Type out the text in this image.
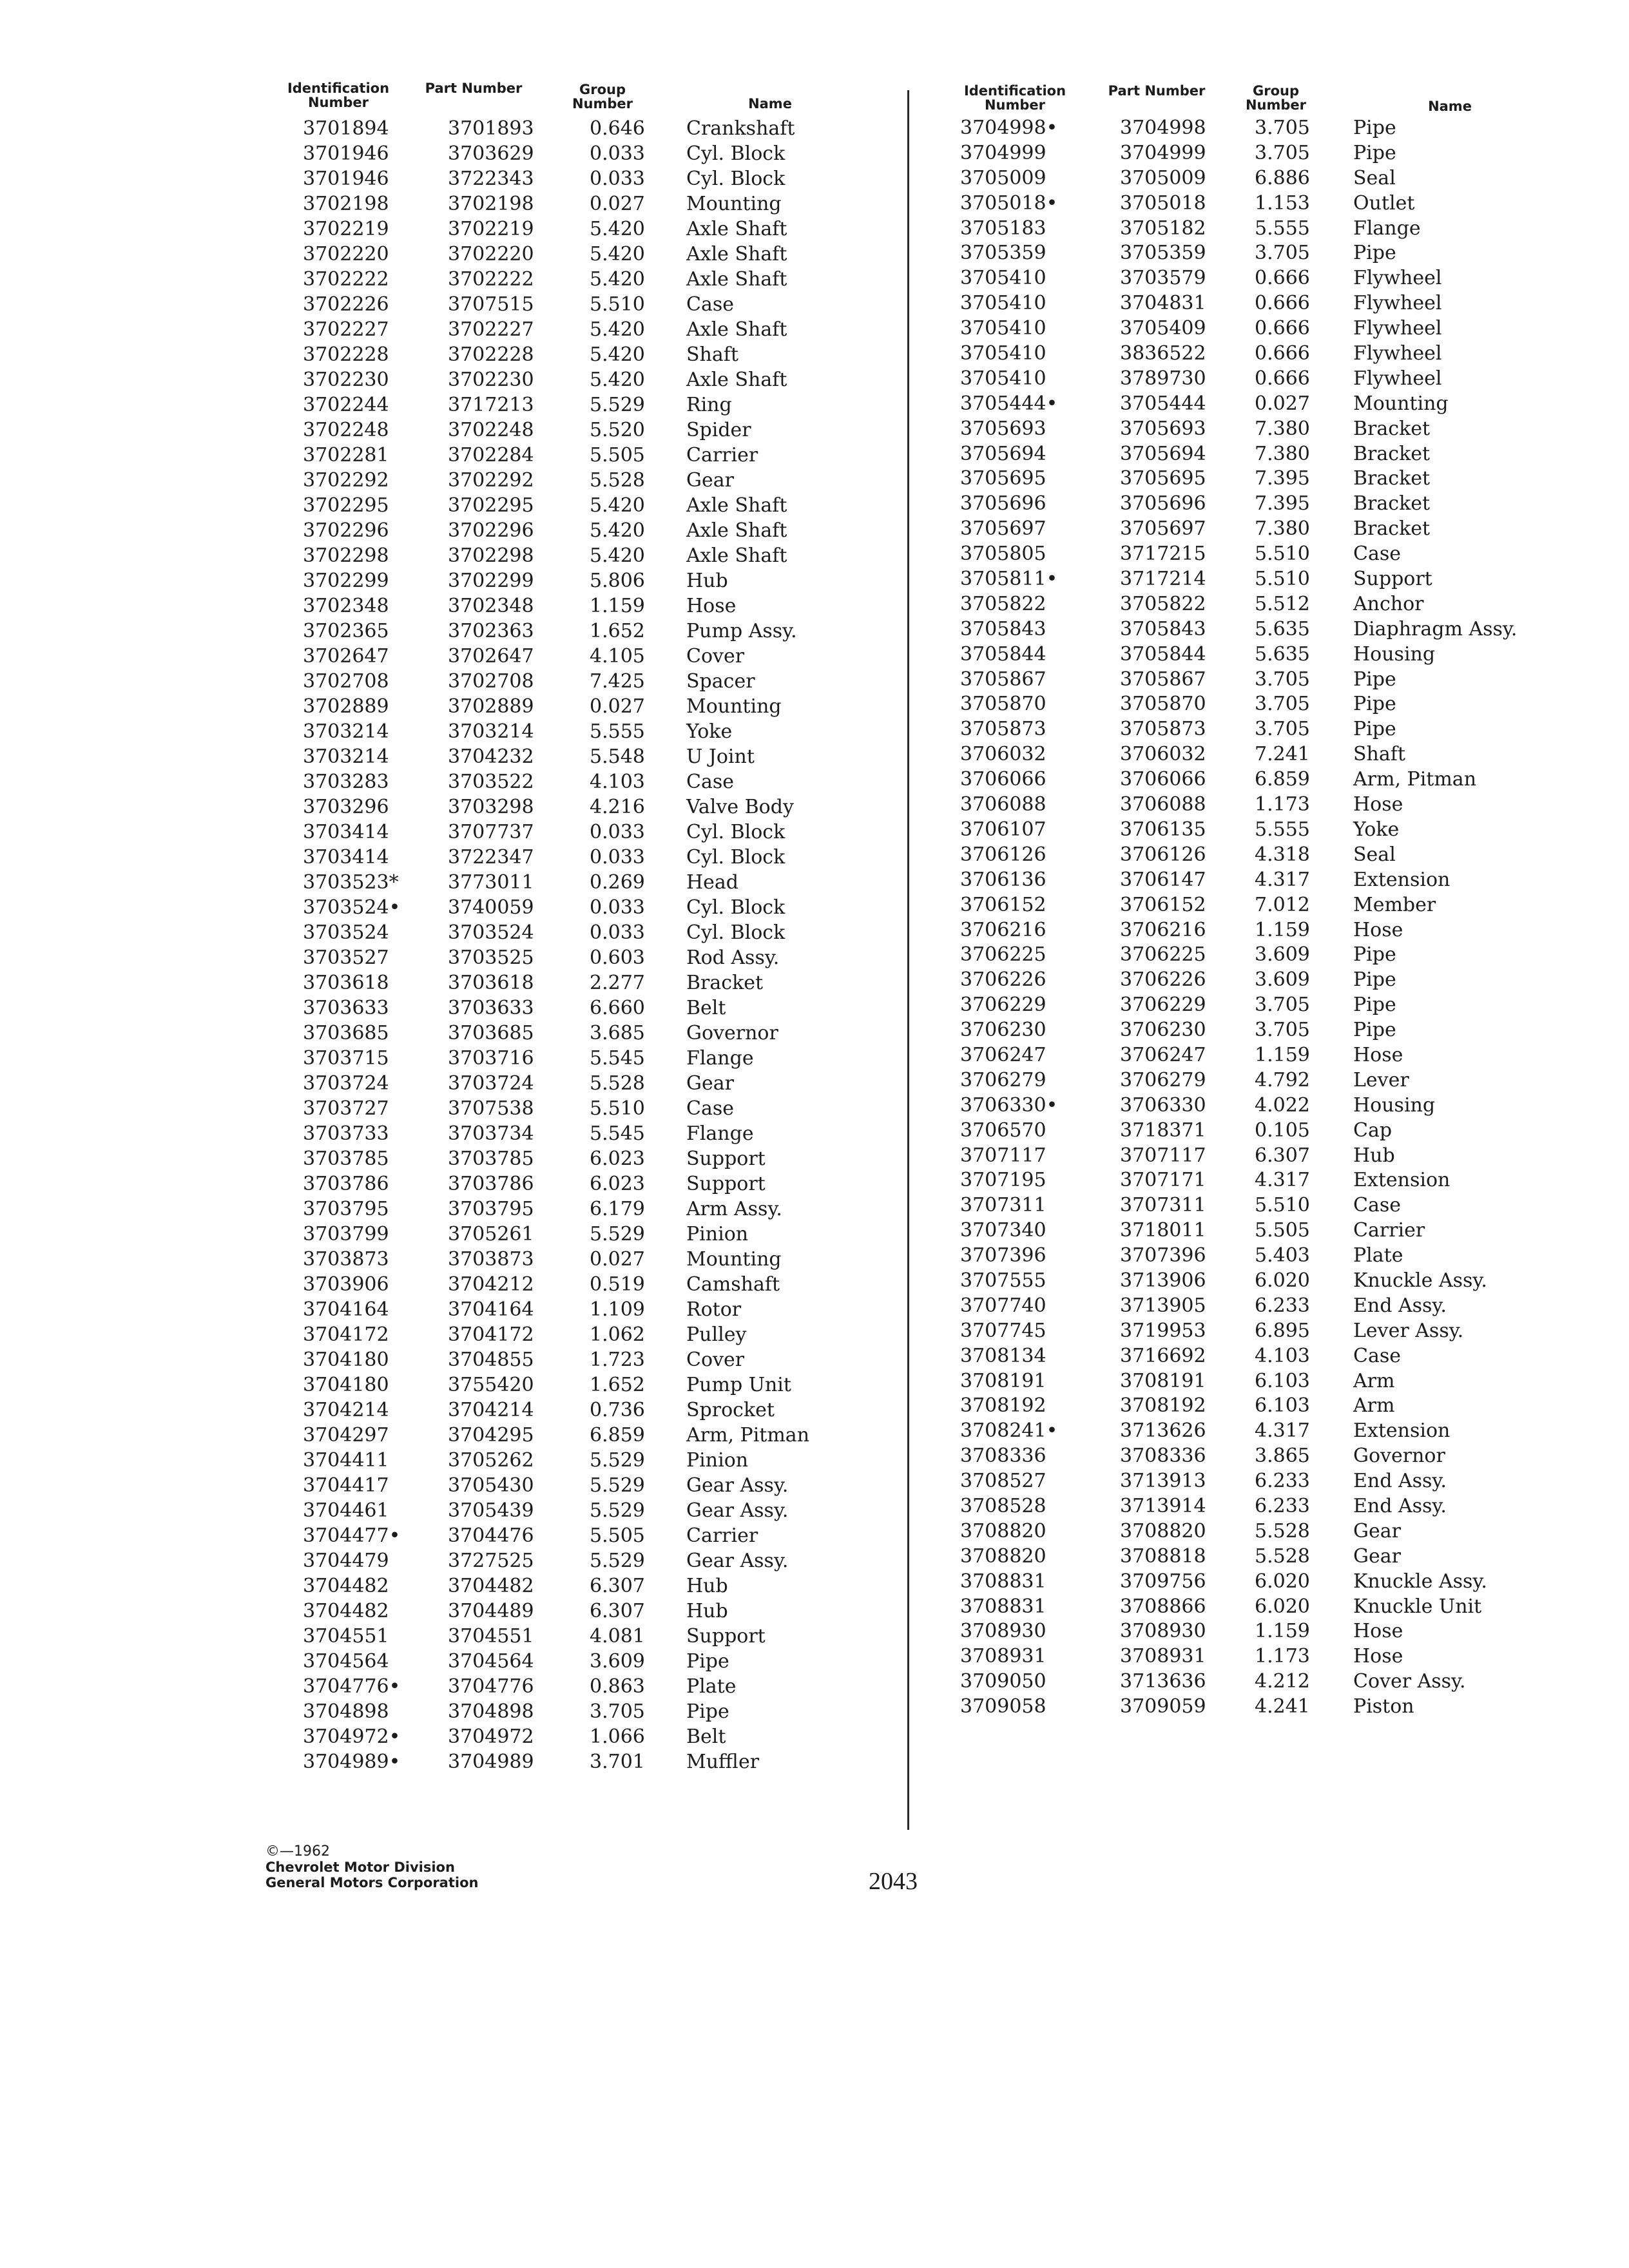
Identification Number
Part Number	Group Number	Name
3701894	3701893	0.646 Crankshaft
3701946	3703629	0.033 Cyl. Block
3701946	3722343	0.033 Cyl. Block
3702198	3702198	0.027 Mounting
3702219	3702219	5.420 Axle Shaft
3702220	3702220	5.420 Axle Shaft
3702222	3702222	5.420 Axle Shaft
3702226	3707515	5.510 Case
3702227	3702227	5.420 Axle Shaft
3702228	3702228	5.420 Shaft
3702230	3702230	5.420 Axle Shaft
3702244	3717213	5.529 Ring
3702248	3702248	5.520 Spider
3702281	3702284	5.505 Carrier
3702292	3702292	5.528 Gear
3702295	3702295	5.420 Axle Shaft
3702296	3702296	5.420 Axle Shaft
3702298	3702298	5.420 Axle Shaft
3702299	3702299	5.806 Hub
3702348	3702348	1.159 Hose
3702365	3702363	1.652 Pump Assy.
3702647	3702647	4.105 Cover
3702708	3702708	7.425 Spacer
3702889	3702889	0.027 Mounting
3703214	3703214	5.555 Yoke
3703214	3704232	5.548 U Joint
3703283	3703522	4.103 Case
3703296	3703298	4.216 Valve Body
3703414	3707737	0.033 Cyl. Block
3703414	3722347	0.033 Cyl. Block
3703523*	3773011	0.269 Head
3703524• 3740059	0.033 Cyl. Block
3703524	3703524	0.033 Cyl. Block
3703527	3703525	0.603 Rod Assy.
3703618	3703618	2.277 Bracket
3703633	3703633	6.660 Belt
3703685	3703685	3.685 Governor
3703715	3703716	5.545 Flange
3703724	3703724	5.528 Gear
3703727	3707538	5.510 Case
3703733	3703734	5.545 Flange
3703785	3703785	6.023 Support
3703786	3703786	6.023 Support
3703795	3703795	6.179 Arm Assy.
3703799	3705261	5.529 Pinion
3703873	3703873	0.027 Mounting
3703906	3704212	0.519 Camshaft
3704164	3704164	1.109 Rotor
3704172	3704172	1.062 Pulley
3704180	3704855	1.723 Cover
3704180	3755420	1.652 Pump Unit
3704214	3704214	0.736 Sprocket
3704297	3704295	6.859 Arm, Pitman
3704411	3705262	5.529 Pinion
3704417	3705430	5.529 Gear Assy.
3704461	3705439	5.529 Gear Assy.
3704477• 3704476	5.505 Carrier
3704479	3727525	5.529 Gear Assy.
3704482	3704482	6.307 Hub
3704482	3704489	6.307 Hub
3704551	3704551	4.081 Support
3704564	3704564	3.609 Pipe
3704776• 3704776	0.863 Plate
3704898	3704898	3.705 Pipe
3704972• 3704972	1.066 Belt
3704989• 3704989	3.701 Muffler
Identification Number
Part Number	Group Number	Name
3704998•	3704998	3.705 Pipe
3704999	3704999	3.705 Pipe
3705009	3705009	6.886 Seal
3705018•	3705018	1.153 Outlet
3705183	3705182	5.555 Flange
3705359	3705359	3.705 Pipe
3705410	3703579	0.666 Flywheel
3705410	3704831	0.666 Flywheel
3705410	3705409	0.666 Flywheel
3705410	3836522	0.666 Flywheel
3705410	3789730	0.666 Flywheel
3705444•	3705444	0.027 Mounting
3705693	3705693	7.380 Bracket
3705694	3705694	7.380 Bracket
3705695	3705695	7.395 Bracket
3705696	3705696	7.395 Bracket
3705697	3705697	7.380 Bracket
3705805	3717215	5.510 Case
3705811•	3717214	5.510 Support
3705822	3705822	5.512 Anchor
3705843	3705843	5.635 Diaphragm Assy.
3705844	3705844	5.635 Housing
3705867	3705867	3.705 Pipe
3705870	3705870	3.705 Pipe
3705873	3705873	3.705 Pipe
3706032	3706032	7.241 Shaft
3706066	3706066	6.859 Arm, Pitman
3706088	3706088	1.173 Hose
3706107	3706135	5.555 Yoke
3706126	3706126	4.318 Seal
3706136	3706147	4.317 Extension
3706152	3706152	7.012 Member
3706216	3706216	1.159 Hose
3706225	3706225	3.609 Pipe
3706226	3706226	3.609 Pipe
3706229	3706229	3.705 Pipe
3706230	3706230	3.705 Pipe
3706247	3706247	1.159 Hose
3706279	3706279	4.792 Lever
3706330•	3706330	4.022 Housing
3706570	3718371	0.105 Cap
3707117	3707117	6.307 Hub
3707195	3707171	4.317 Extension
3707311	3707311	5.510 Case
3707340	3718011	5.505 Carrier
3707396	3707396	5.403 Plate
3707555	3713906	6.020 Knuckle Assy.
3707740	3713905	6.233 End Assy.
3707745	3719953	6.895 Lever Assy.
3708134	3716692	4.103 Case
3708191	3708191	6.103 Arm
3708192	3708192	6.103 Arm
3708241•	3713626	4.317 Extension
3708336	3708336	3.865 Governor
3708527	3713913	6.233 End Assy.
3708528	3713914	6.233 End Assy.
3708820	3708820	5.528 Gear
3708820	3708818	5.528 Gear
3708831	3709756	6.020 Knuckle Assy.
3708831	3708866	6.020 Knuckle Unit
3708930	3708930	1.159 Hose
3708931	3708931	1.173 Hose
3709050	3713636	4.212 Cover Assy.
3709058	3709059	4.241 Piston
©—1962
Chevrolet Motor Division
General Motors Corporation	2043
